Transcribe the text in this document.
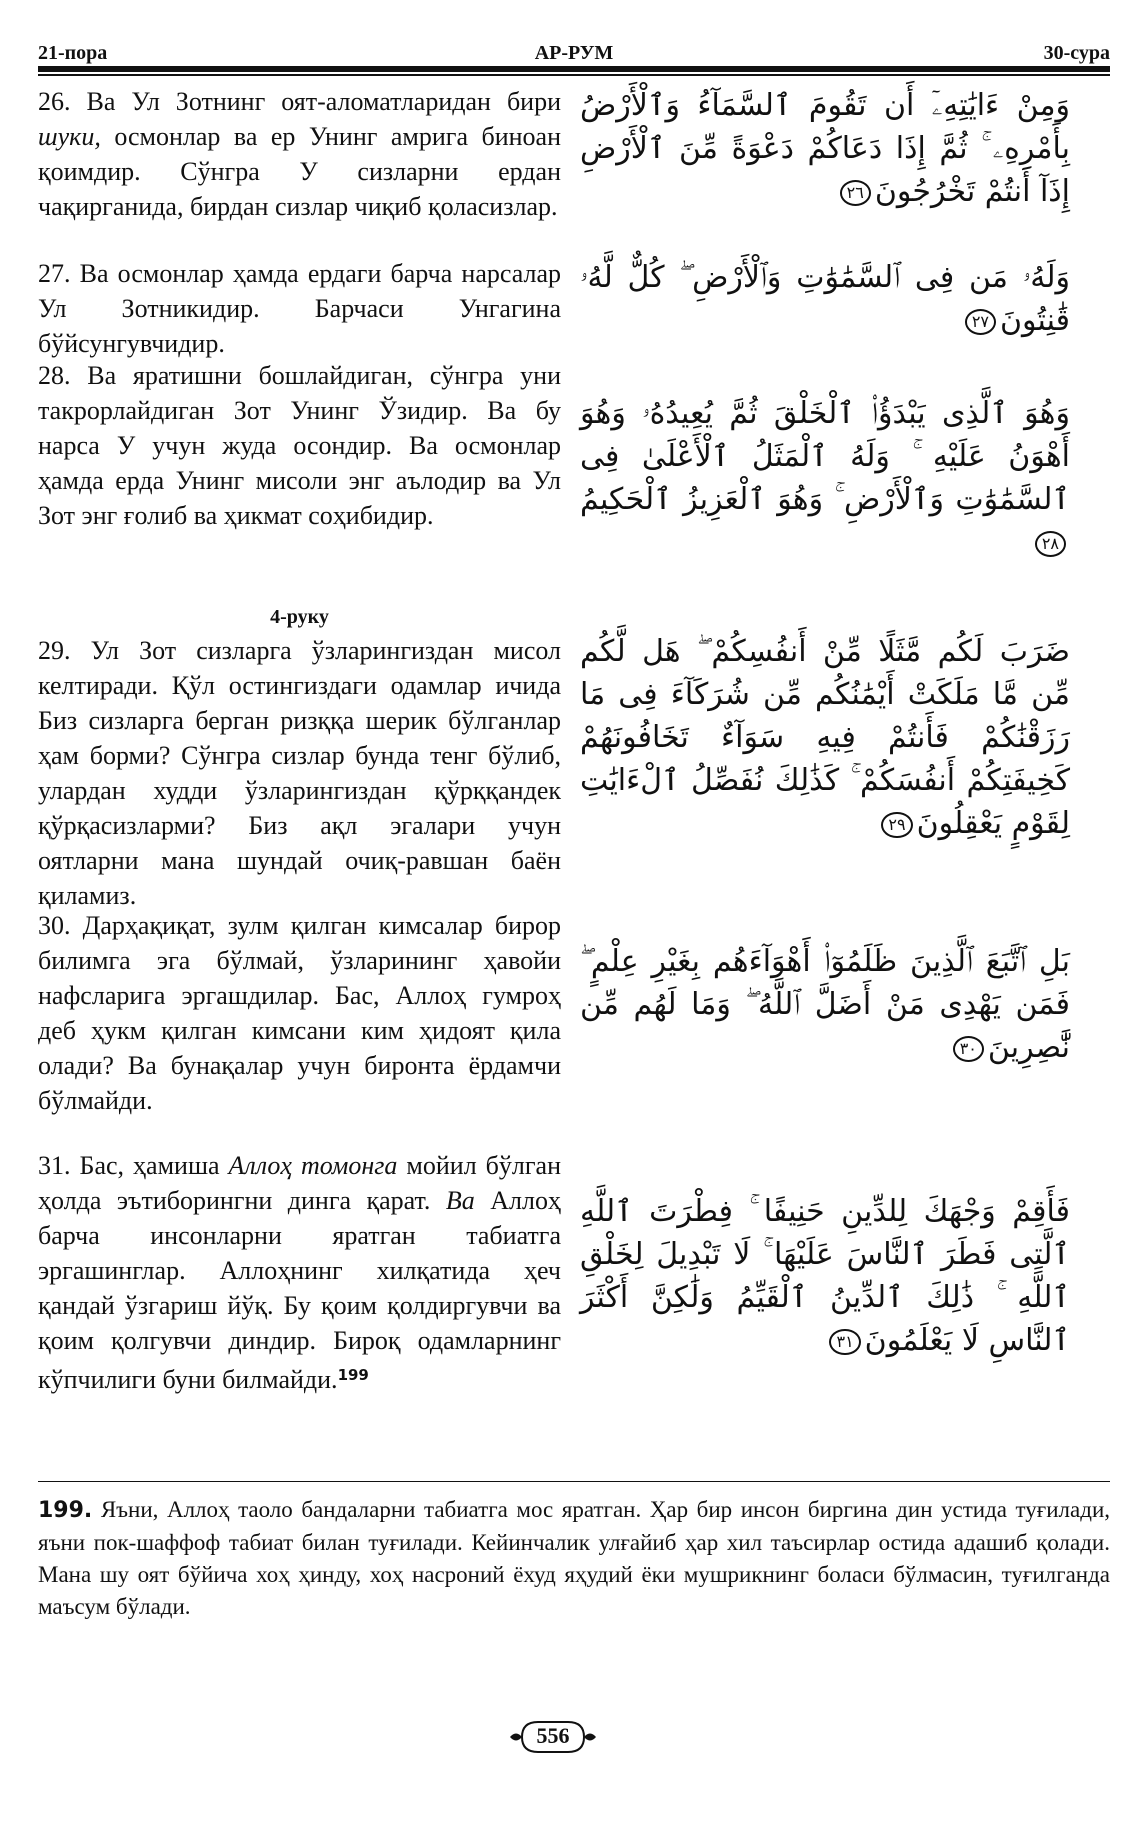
21-пора	АР-РУМ	30-сура

26. Ва Ул Зотнинг оят-аломатларидан бири шуки, осмонлар ва ер Унинг амрига биноан қоимдир. Сўнгра У сизларни ердан чақирганида, бирдан сизлар чиқиб қоласизлар.

27. Ва осмонлар ҳамда ердаги барча нарсалар Ул Зотникидир. Барчаси Унгагина бўйсунгувчидир.

28. Ва яратишни бошлайдиган, сўнгра уни такрорлайдиган Зот Унинг Ўзидир. Ва бу нарса У учун жуда осондир. Ва осмонлар ҳамда ерда Унинг мисоли энг аълодир ва Ул Зот энг ғолиб ва ҳикмат соҳибидир.

4-руку

29. Ул Зот сизларга ўзларингиздан мисол келтиради. Қўл остингиздаги одамлар ичида Биз сизларга берган ризққа шерик бўлганлар ҳам борми? Сўнгра сизлар бунда тенг бўлиб, улардан худди ўзларингиздан қўрққандек қўрқасизларми? Биз ақл эгалари учун оятларни мана шундай очиқ-равшан баён қиламиз.

30. Дарҳақиқат, зулм қилган кимсалар бирор билимга эга бўлмай, ўзларининг ҳавойи нафсларига эргашдилар. Бас, Аллоҳ гумроҳ деб ҳукм қилган кимсани ким ҳидоят қила олади? Ва бунақалар учун биронта ёрдамчи бўлмайди.

31. Бас, ҳамиша Аллоҳ томонга мойил бўлган ҳолда эътиборингни динга қарат. Ва Аллоҳ барча инсонларни яратган табиатга эргашинглар. Аллоҳнинг хилқатида ҳеч қандай ўзгариш йўқ. Бу қоим қолдиргувчи ва қоим қолгувчи диндир. Бироқ одамларнинг кўпчилиги буни билмайди.$^{199}$

وَمِنْ ءَايَٰتِهِۦٓ أَن تَقُومَ ٱلسَّمَآءُ وَٱلْأَرْضُ بِأَمْرِهِۦ ۚ ثُمَّ إِذَا دَعَاكُمْ دَعْوَةً مِّنَ ٱلْأَرْضِ إِذَآ أَنتُمْ تَخْرُجُونَ٢٦

وَلَهُۥ مَن فِى ٱلسَّمَٰوَٰتِ وَٱلْأَرْضِ ۖ كُلٌّ لَّهُۥ قَٰنِتُونَ٢٧

وَهُوَ ٱلَّذِى يَبْدَؤُا۟ ٱلْخَلْقَ ثُمَّ يُعِيدُهُۥ وَهُوَ أَهْوَنُ عَلَيْهِ ۚ وَلَهُ ٱلْمَثَلُ ٱلْأَعْلَىٰ فِى ٱلسَّمَٰوَٰتِ وَٱلْأَرْضِ ۚ وَهُوَ ٱلْعَزِيزُ ٱلْحَكِيمُ٢٨

ضَرَبَ لَكُم مَّثَلًا مِّنْ أَنفُسِكُمْ ۖ هَل لَّكُم مِّن مَّا مَلَكَتْ أَيْمَٰنُكُم مِّن شُرَكَآءَ فِى مَا رَزَقْنَٰكُمْ فَأَنتُمْ فِيهِ سَوَآءٌ تَخَافُونَهُمْ كَخِيفَتِكُمْ أَنفُسَكُمْ ۚ كَذَٰلِكَ نُفَصِّلُ ٱلْءَايَٰتِ لِقَوْمٍ يَعْقِلُونَ٢٩

بَلِ ٱتَّبَعَ ٱلَّذِينَ ظَلَمُوٓا۟ أَهْوَآءَهُم بِغَيْرِ عِلْمٍ ۖ فَمَن يَهْدِى مَنْ أَضَلَّ ٱللَّهُ ۖ وَمَا لَهُم مِّن نَّٰصِرِينَ٣٠

فَأَقِمْ وَجْهَكَ لِلدِّينِ حَنِيفًا ۚ فِطْرَتَ ٱللَّهِ ٱلَّتِى فَطَرَ ٱلنَّاسَ عَلَيْهَا ۚ لَا تَبْدِيلَ لِخَلْقِ ٱللَّهِ ۚ ذَٰلِكَ ٱلدِّينُ ٱلْقَيِّمُ وَلَٰكِنَّ أَكْثَرَ ٱلنَّاسِ لَا يَعْلَمُونَ٣١

199. Яъни, Аллоҳ таоло бандаларни табиатга мос яратган. Ҳар бир инсон биргина дин устида туғилади, яъни пок-шаффоф табиат билан туғилади. Кейинчалик улғайиб ҳар хил таъсирлар остида адашиб қолади. Мана шу оят бўйича хоҳ ҳинду, хоҳ насроний ёхуд яҳудий ёки мушрикнинг боласи бўлмасин, туғилганда маъсум бўлади.

556
